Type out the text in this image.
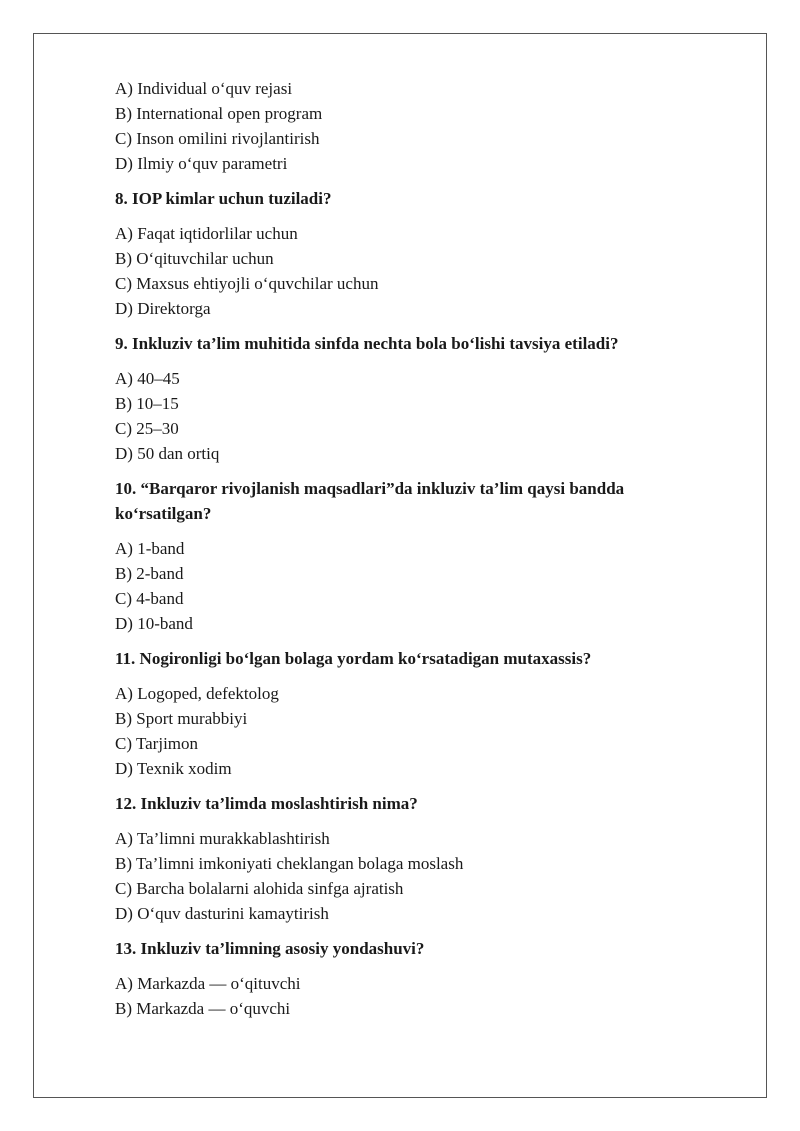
A) Individual o‘quv rejasi
B) International open program
C) Inson omilini rivojlantirish
D) Ilmiy o‘quv parametri
8. IOP kimlar uchun tuziladi?
A) Faqat iqtidorlilar uchun
B) O‘qituvchilar uchun
C) Maxsus ehtiyojli o‘quvchilar uchun
D) Direktorga
9. Inkluziv ta’lim muhitida sinfda nechta bola bo‘lishi tavsiya etiladi?
A) 40–45
B) 10–15
C) 25–30
D) 50 dan ortiq
10. “Barqaror rivojlanish maqsadlari”da inkluziv ta’lim qaysi bandda ko‘rsatilgan?
A) 1-band
B) 2-band
C) 4-band
D) 10-band
11. Nogironligi bo‘lgan bolaga yordam ko‘rsatadigan mutaxassis?
A) Logoped, defektolog
B) Sport murabbiyi
C) Tarjimon
D) Texnik xodim
12. Inkluziv ta’limda moslashtirish nima?
A) Ta’limni murakkablashtirish
B) Ta’limni imkoniyati cheklangan bolaga moslash
C) Barcha bolalarni alohida sinfga ajratish
D) O‘quv dasturini kamaytirish
13. Inkluziv ta’limning asosiy yondashuvi?
A) Markazda — o‘qituvchi
B) Markazda — o‘quvchi
